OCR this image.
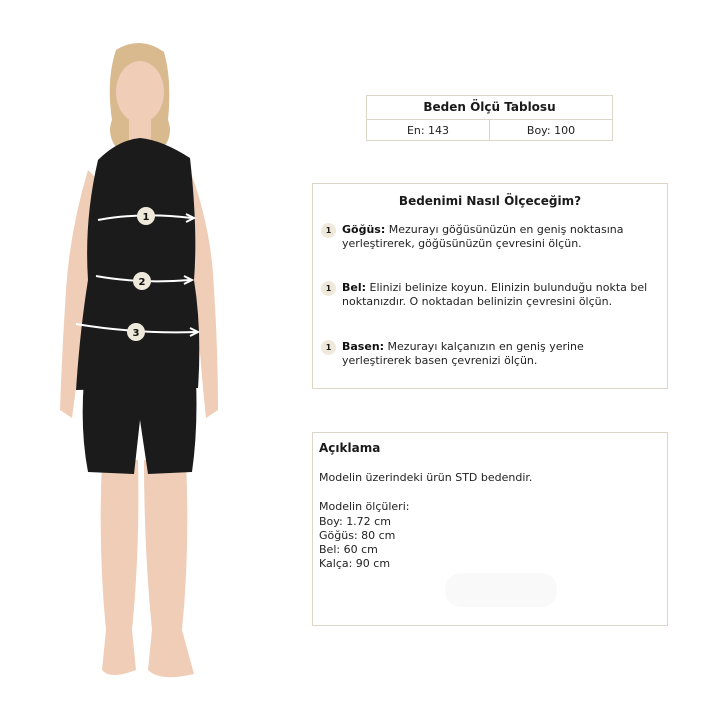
1
2
3
Beden Ölçü Tablosu
En: 143	Boy: 100
Bedenimi Nasıl Ölçeceğim?
1 Göğüs: Mezurayı göğüsünüzün en geniş noktasına yerleştirerek, göğüsünüzün çevresini ölçün.
1 Bel: Elinizi belinize koyun. Elinizin bulunduğu nokta bel noktanızdır. O noktadan belinizin çevresini ölçün.
1 Basen: Mezurayı kalçanızın en geniş yerine yerleştirerek basen çevrenizi ölçün.
Açıklama
Modelin üzerindeki ürün STD bedendir.
Modelin ölçüleri:
Boy: 1.72 cm
Göğüs: 80 cm
Bel: 60 cm
Kalça: 90 cm
